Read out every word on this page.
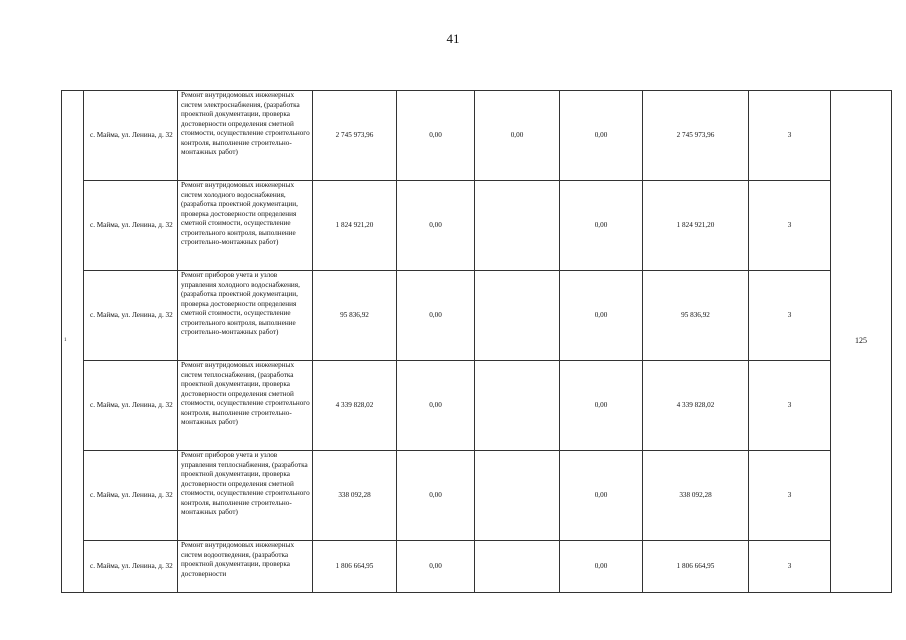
41
1	с. Майма, ул. Ленина, д. 32	Ремонт внутридомовых инженерных систем электроснабжения, (разработка проектной документации, проверка достоверности определения сметной стоимости, осуществление строительного контроля, выполнение строительно-монтажных работ)	2 745 973,96	0,00	0,00	0,00	2 745 973,96	3	125
	с. Майма, ул. Ленина, д. 32	Ремонт внутридомовых инженерных систем холодного водоснабжения, (разработка проектной документации, проверка достоверности определения сметной стоимости, осуществление строительного контроля, выполнение строительно-монтажных работ)	1 824 921,20	0,00		0,00	1 824 921,20	3	
	с. Майма, ул. Ленина, д. 32	Ремонт приборов учета и узлов управления холодного водоснабжения, (разработка проектной документации, проверка достоверности определения сметной стоимости, осуществление строительного контроля, выполнение строительно-монтажных работ)	95 836,92	0,00		0,00	95 836,92	3	
	с. Майма, ул. Ленина, д. 32	Ремонт внутридомовых инженерных систем теплоснабжения, (разработка проектной документации, проверка достоверности определения сметной стоимости, осуществление строительного контроля, выполнение строительно-монтажных работ)	4 339 828,02	0,00		0,00	4 339 828,02	3	
	с. Майма, ул. Ленина, д. 32	Ремонт приборов учета и узлов управления теплоснабжения, (разработка проектной документации, проверка достоверности определения сметной стоимости, осуществление строительного контроля, выполнение строительно-монтажных работ)	338 092,28	0,00		0,00	338 092,28	3	
	с. Майма, ул. Ленина, д. 32	Ремонт внутридомовых инженерных систем водоотведения, (разработка проектной документации, проверка достоверности	1 806 664,95	0,00		0,00	1 806 664,95	3	
